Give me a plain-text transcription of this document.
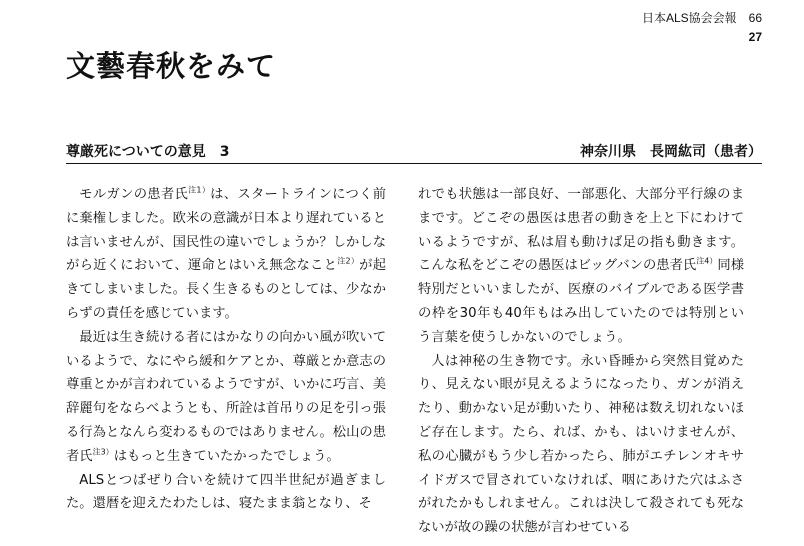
日本ALS協会会報　66
27
文藝春秋をみて
尊厳死についての意見　3	神奈川県　長岡紘司（患者）

モルガンの患者氏$^{注1)}$は、スタートラインにつく前に棄権しました。欧米の意識が日本より遅れているとは言いませんが、国民性の違いでしょうか？しかしながら近くにおいて、運命とはいえ無念なこと$^{注2)}$が起きてしまいました。長く生きるものとしては、少なからずの責任を感じています。

最近は生き続ける者にはかなりの向かい風が吹いているようで、なにやら緩和ケアとか、尊厳とか意志の尊重とかが言われているようですが、いかに巧言、美辞麗句をならべようとも、所詮は首吊りの足を引っ張る行為となんら変わるものではありません。松山の患者氏$^{注3)}$はもっと生きていたかったでしょう。

ALSとつばぜり合いを続けて四半世紀が過ぎました。還暦を迎えたわたしは、寝たまま翁となり、そ

れでも状態は一部良好、一部悪化、大部分平行線のままです。どこぞの愚医は患者の動きを上と下にわけているようですが、私は眉も動けば足の指も動きます。こんな私をどこぞの愚医はビッグバンの患者氏$^{注4)}$同様特別だといいましたが、医療のバイブルである医学書の枠を30年も40年もはみ出していたのでは特別という言葉を使うしかないのでしょう。

人は神秘の生き物です。永い昏睡から突然目覚めたり、見えない眼が見えるようになったり、ガンが消えたり、動かない足が動いたり、神秘は数え切れないほど存在します。たら、れば、かも、はいけませんが、私の心臓がもう少し若かったら、肺がエチレンオキサイドガスで冒されていなければ、咽にあけた穴はふさがれたかもしれません。これは決して殺されても死なないが故の躁の状態が言わせている
